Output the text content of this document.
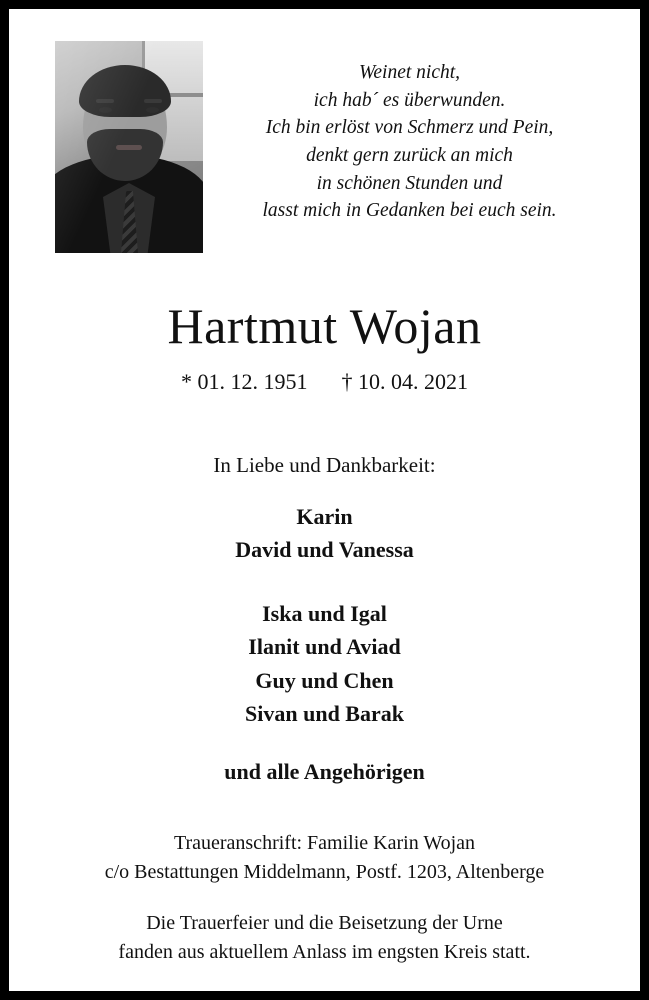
Weinet nicht,
ich hab´ es überwunden.
Ich bin erlöst von Schmerz und Pein,
denkt gern zurück an mich
in schönen Stunden und
lasst mich in Gedanken bei euch sein.
Hartmut Wojan
* 01. 12. 1951 † 10. 04. 2021
In Liebe und Dankbarkeit:
Karin
David und Vanessa
Iska und Igal
Ilanit und Aviad
Guy und Chen
Sivan und Barak
und alle Angehörigen
Traueranschrift: Familie Karin Wojan
c/o Bestattungen Middelmann, Postf. 1203, Altenberge
Die Trauerfeier und die Beisetzung der Urne
fanden aus aktuellem Anlass im engsten Kreis statt.
